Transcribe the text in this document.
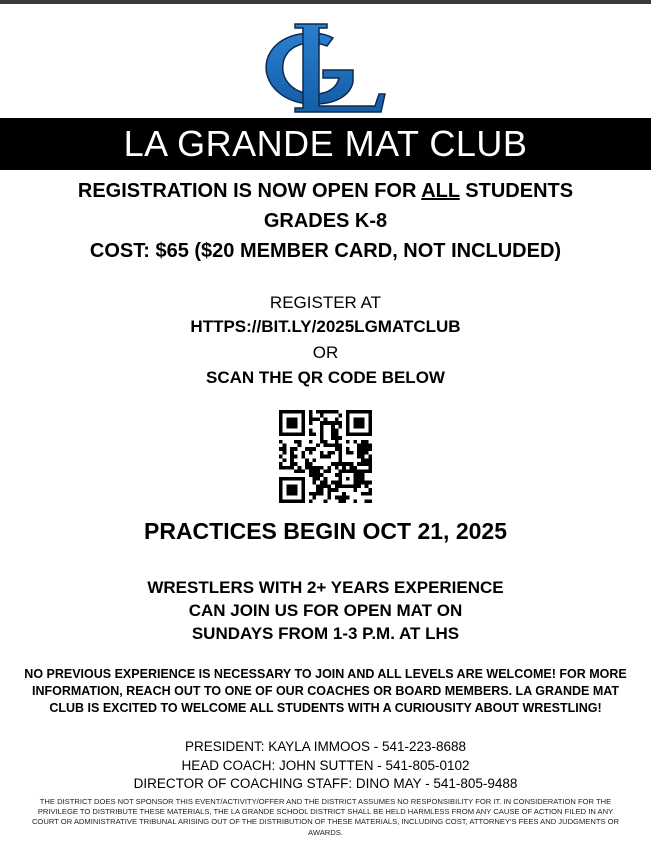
LA GRANDE MAT CLUB
REGISTRATION IS NOW OPEN FOR ALL STUDENTS
GRADES K-8
COST: $65 ($20 MEMBER CARD, NOT INCLUDED)
REGISTER AT
HTTPS://BIT.LY/2025LGMATCLUB
OR
SCAN THE QR CODE BELOW
PRACTICES BEGIN OCT 21, 2025
WRESTLERS WITH 2+ YEARS EXPERIENCE
CAN JOIN US FOR OPEN MAT ON
SUNDAYS FROM 1-3 P.M. AT LHS
NO PREVIOUS EXPERIENCE IS NECESSARY TO JOIN AND ALL LEVELS ARE WELCOME! FOR MORE INFORMATION, REACH OUT TO ONE OF OUR COACHES OR BOARD MEMBERS. LA GRANDE MAT CLUB IS EXCITED TO WELCOME ALL STUDENTS WITH A CURIOUSITY ABOUT WRESTLING!
PRESIDENT: KAYLA IMMOOS - 541-223-8688
HEAD COACH: JOHN SUTTEN - 541-805-0102
DIRECTOR OF COACHING STAFF: DINO MAY - 541-805-9488
THE DISTRICT DOES NOT SPONSOR THIS EVENT/ACTIVITY/OFFER AND THE DISTRICT ASSUMES NO RESPONSIBILITY FOR IT. IN CONSIDERATION FOR THE PRIVILEGE TO DISTRIBUTE THESE MATERIALS, THE LA GRANDE SCHOOL DISTRICT SHALL BE HELD HARMLESS FROM ANY CAUSE OF ACTION FILED IN ANY COURT OR ADMINISTRATIVE TRIBUNAL ARISING OUT OF THE DISTRIBUTION OF THESE MATERIALS, INCLUDING COST, ATTORNEY'S FEES AND JUDGMENTS OR AWARDS.
